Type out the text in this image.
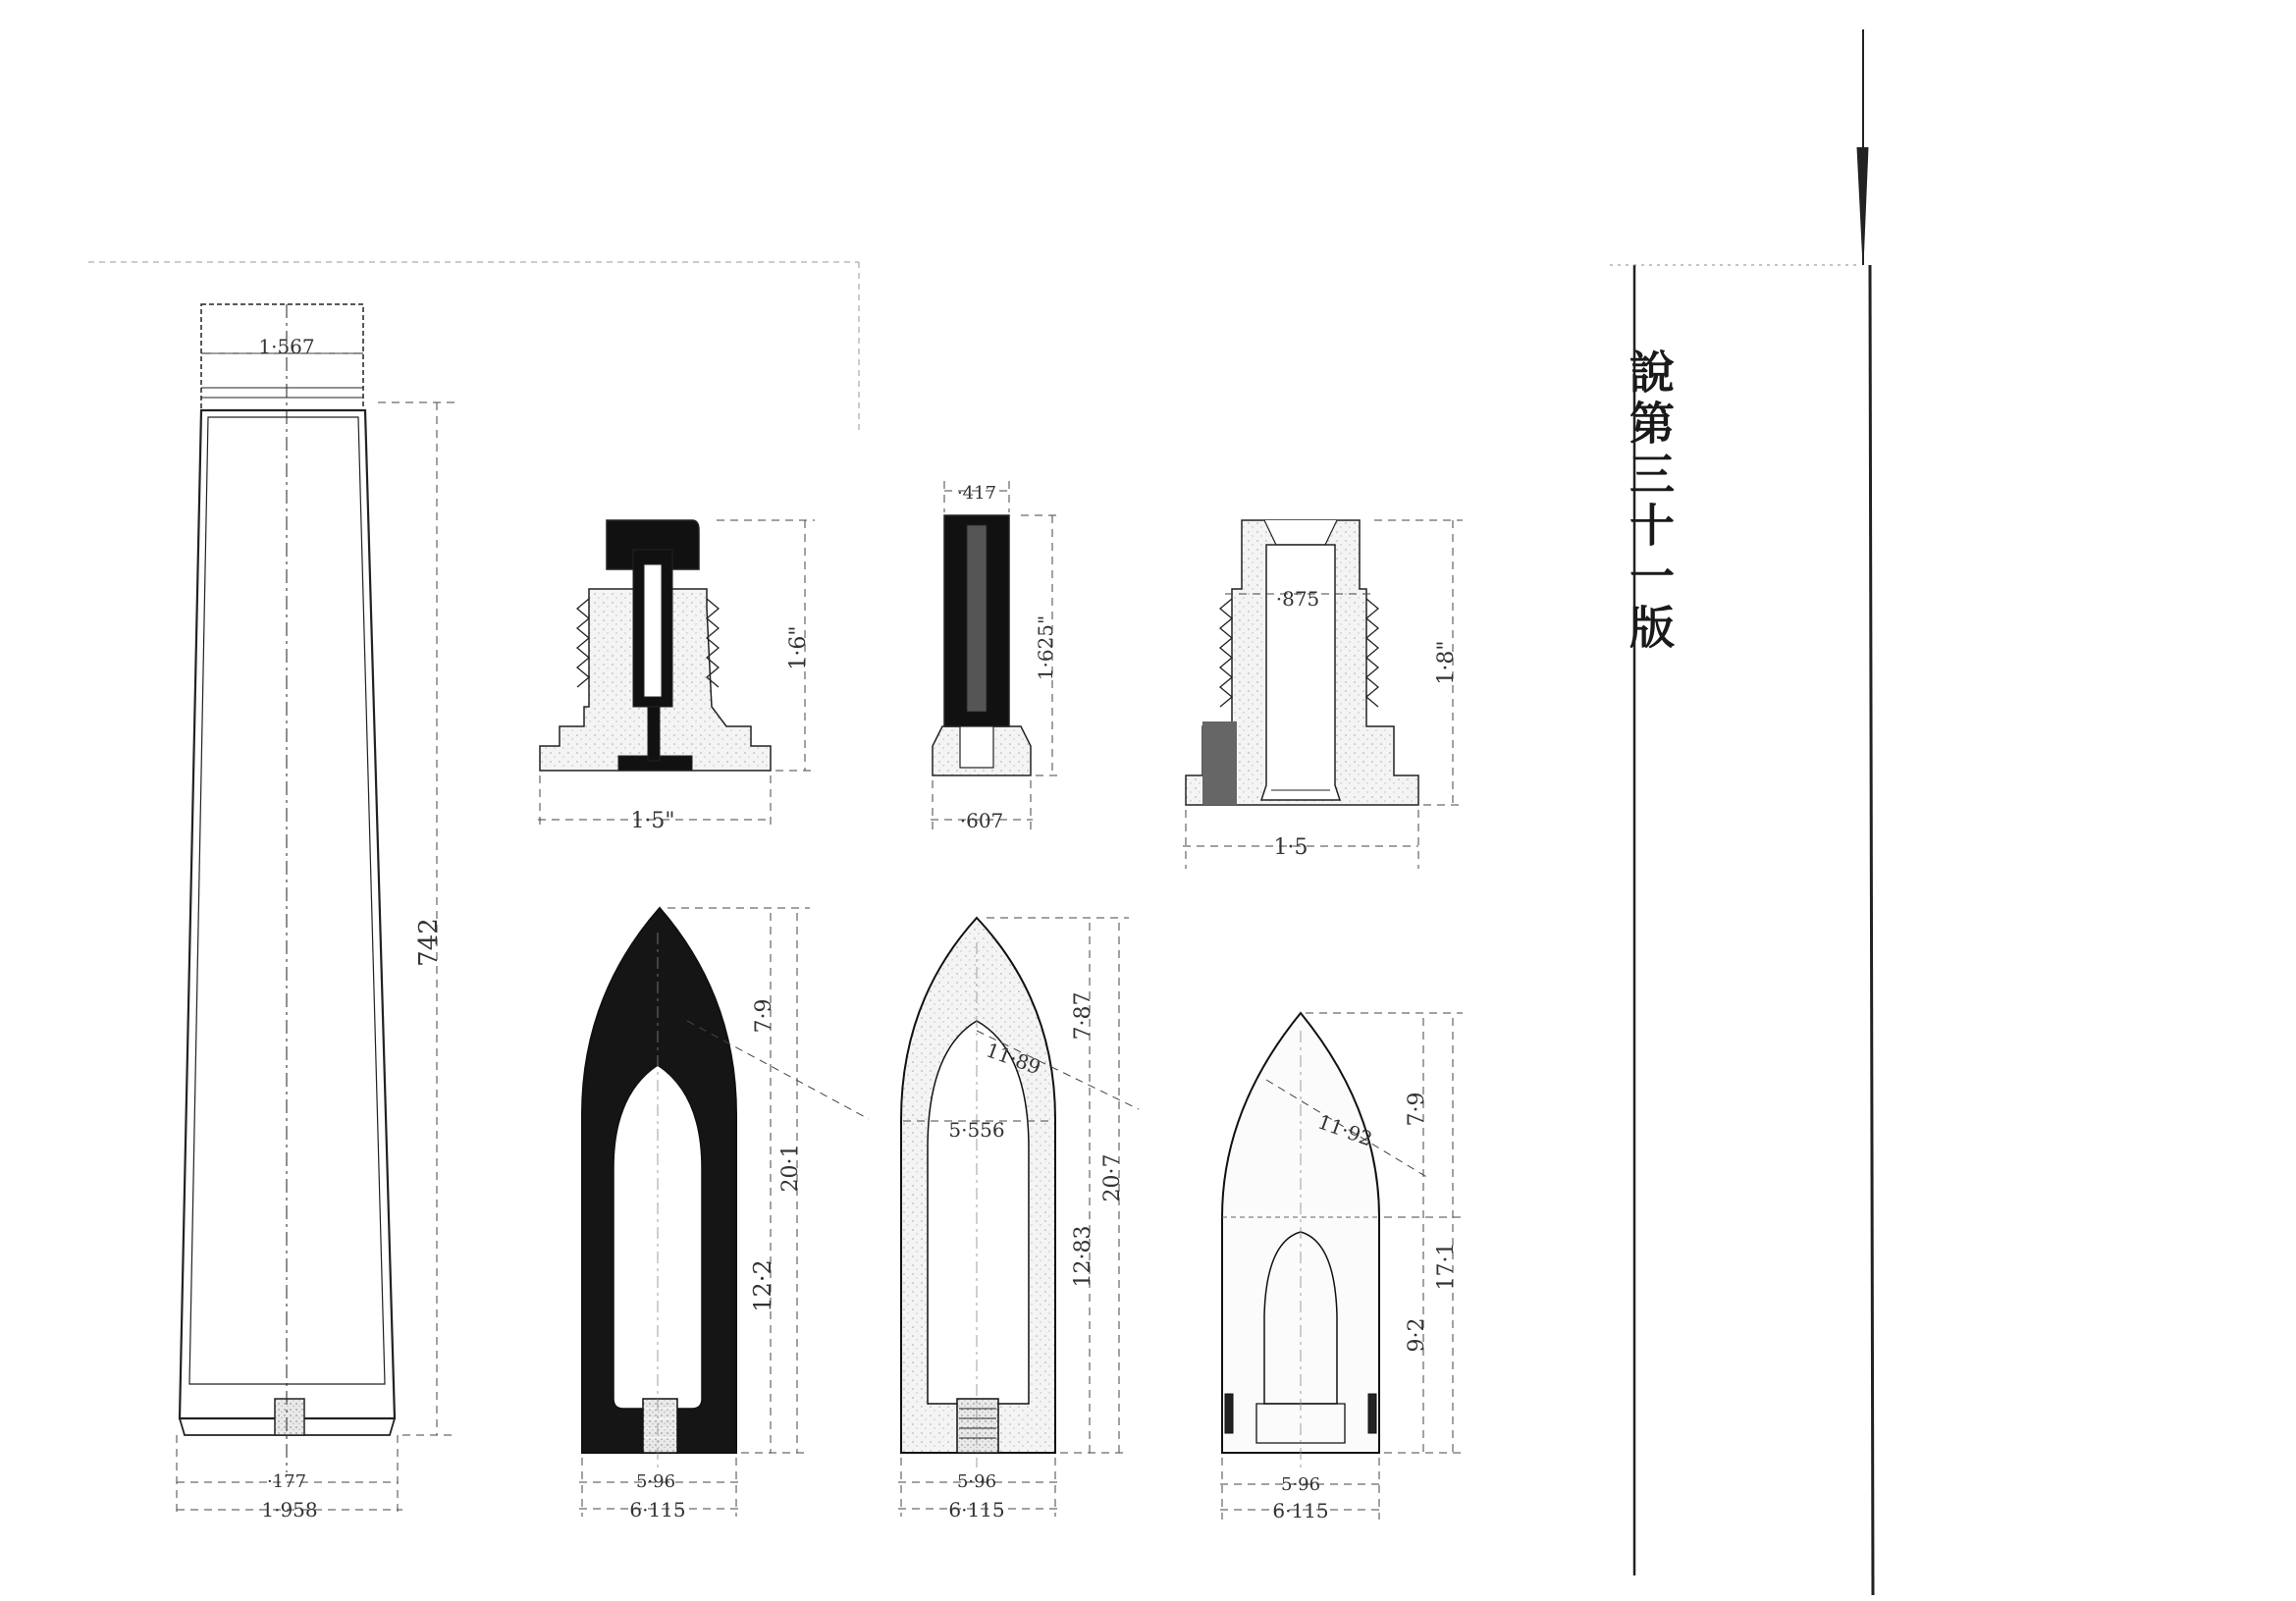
1·567
742
·177
1·958
1·6"
1·5"
·417
1·625"
·607
·875
1·8"
1·5
7·9
12·2
20·1
5·96
6·115
7·87
11·89
5·556
12·83
20·7
5·96
6·115
7·9
11·92
9·2
17·1
5·96
6·115
說第三十一版
